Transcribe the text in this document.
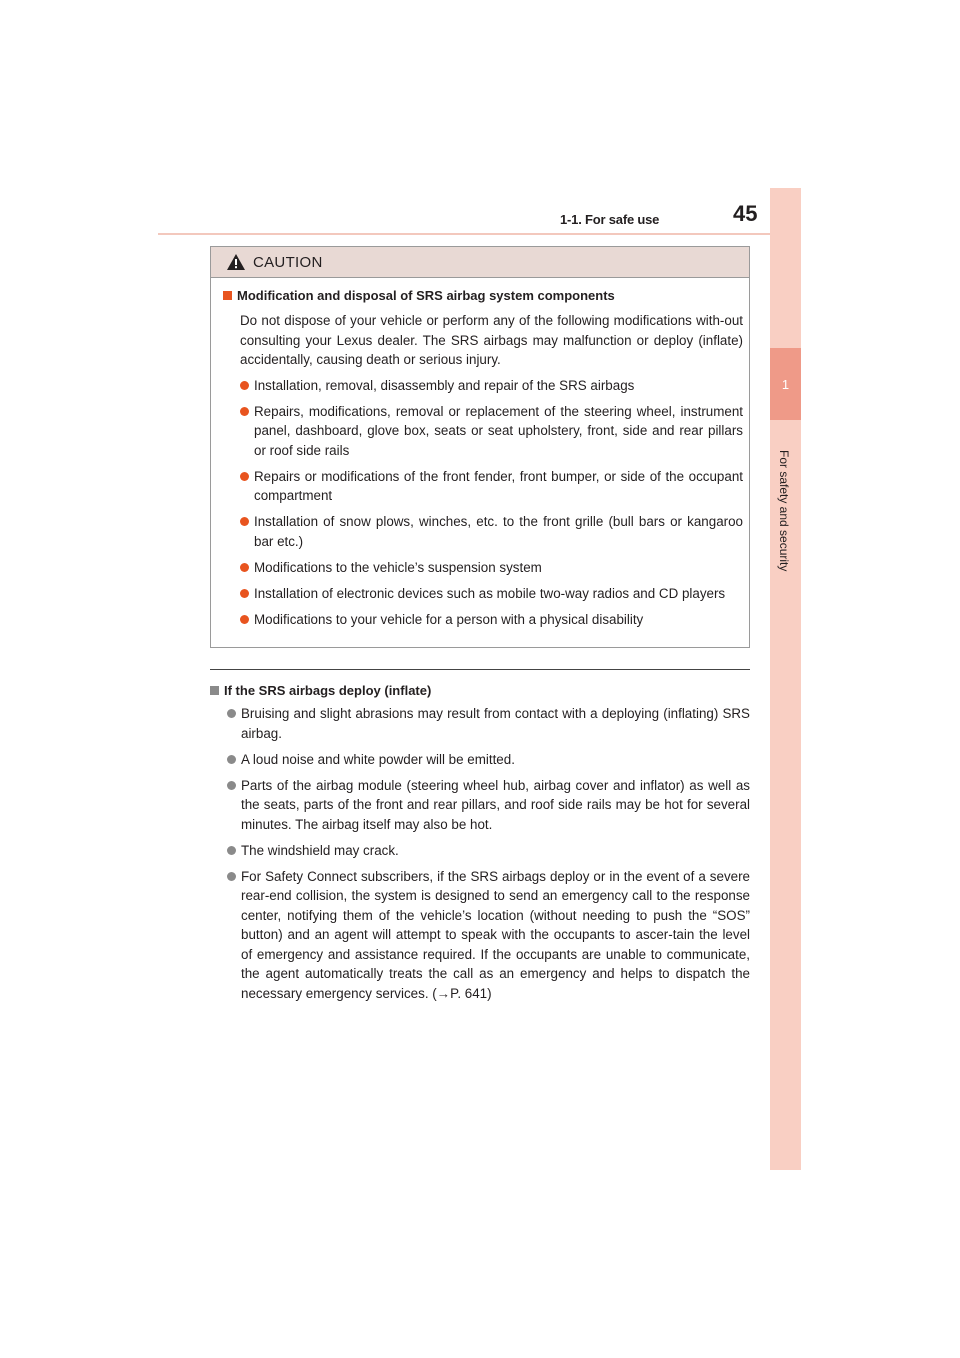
1-1. For safe use	45
1
For safety and security
CAUTION
Modification and disposal of SRS airbag system components

Do not dispose of your vehicle or perform any of the following modifications with-out consulting your Lexus dealer. The SRS airbags may malfunction or deploy (inflate) accidentally, causing death or serious injury.

Installation, removal, disassembly and repair of the SRS airbags
Repairs, modifications, removal or replacement of the steering wheel, instrument panel, dashboard, glove box, seats or seat upholstery, front, side and rear pillars or roof side rails
Repairs or modifications of the front fender, front bumper, or side of the occupant compartment
Installation of snow plows, winches, etc. to the front grille (bull bars or kangaroo bar etc.)
Modifications to the vehicle’s suspension system
Installation of electronic devices such as mobile two-way radios and CD players
Modifications to your vehicle for a person with a physical disability
If the SRS airbags deploy (inflate)
Bruising and slight abrasions may result from contact with a deploying (inflating) SRS airbag.
A loud noise and white powder will be emitted.
Parts of the airbag module (steering wheel hub, airbag cover and inflator) as well as the seats, parts of the front and rear pillars, and roof side rails may be hot for several minutes. The airbag itself may also be hot.
The windshield may crack.
For Safety Connect subscribers, if the SRS airbags deploy or in the event of a severe rear-end collision, the system is designed to send an emergency call to the response center, notifying them of the vehicle’s location (without needing to push the “SOS” button) and an agent will attempt to speak with the occupants to ascer-tain the level of emergency and assistance required. If the occupants are unable to communicate, the agent automatically treats the call as an emergency and helps to dispatch the necessary emergency services. (→P. 641)
